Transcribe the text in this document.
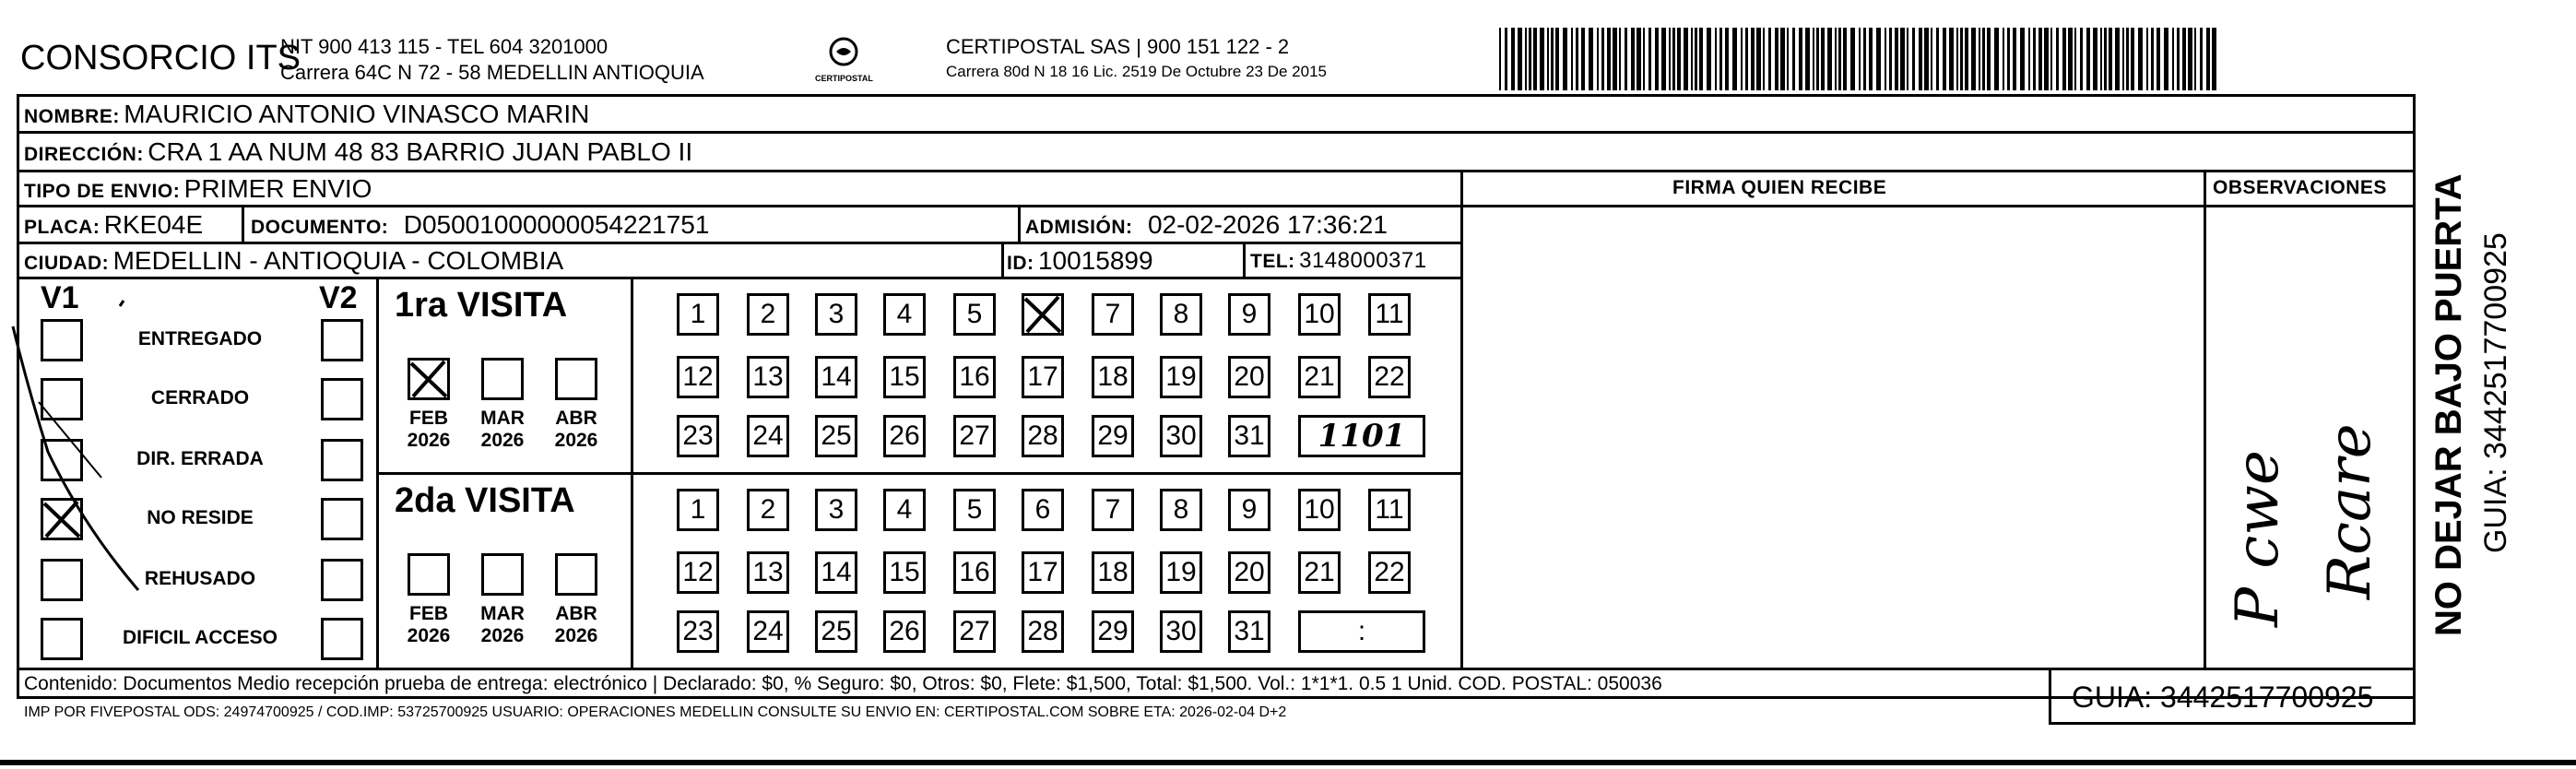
CONSORCIO ITS
NIT 900 413 115 - TEL 604 3201000
Carrera 64C N 72 - 58 MEDELLIN ANTIOQUIA	CERTIPOSTAL
CERTIPOSTAL SAS | 900 151 122 - 2
Carrera 80d N 18 16 Lic. 2519 De Octubre 23 De 2015
NOMBRE: MAURICIO ANTONIO VINASCO MARIN
DIRECCIÓN: CRA 1 AA NUM 48 83 BARRIO JUAN PABLO II
TIPO DE ENVIO: PRIMER ENVIO	FIRMA QUIEN RECIBE	OBSERVACIONES
PLACA: RKE04E DOCUMENTO: D05001000000054221751	ADMISIÓN: 02-02-2026 17:36:21
CIUDAD: MEDELLIN - ANTIOQUIA - COLOMBIA	ID: 10015899	TEL: 3148000371
V1	V2
ENTREGADO
CERRADO
DIR. ERRADA
NO RESIDE
REHUSADO
DIFICIL ACCESO
1ra VISITA
FEB
2026
MAR
2026
ABR
2026
1	2	3	4	5	7	8	9	10 11
12 13 14 15 16 17 18 19 20 21 22
23 24 25 26 27 28 29 30 31	1101
2da VISITA
FEB
2026
MAR
2026
ABR
2026
1	2	3	4	5	6	7	8	9	10 11
12 13 14 15 16 17 18 19 20 21 22
23 24 25 26 27 28 29 30 31	:
P cwe Rcare NO DEJAR BAJO PUERTA GUIA: 3442517700925
Contenido: Documentos Medio recepción prueba de entrega: electrónico | Declarado: $0, % Seguro: $0, Otros: $0, Flete: $1,500, Total: $1,500. Vol.: 1*1*1. 0.5 1 Unid. COD. POSTAL: 050036
IMP POR FIVEPOSTAL ODS: 24974700925 / COD.IMP: 53725700925 USUARIO: OPERACIONES MEDELLIN CONSULTE SU ENVIO EN: CERTIPOSTAL.COM SOBRE ETA: 2026-02-04 D+2	GUIA: 3442517700925
